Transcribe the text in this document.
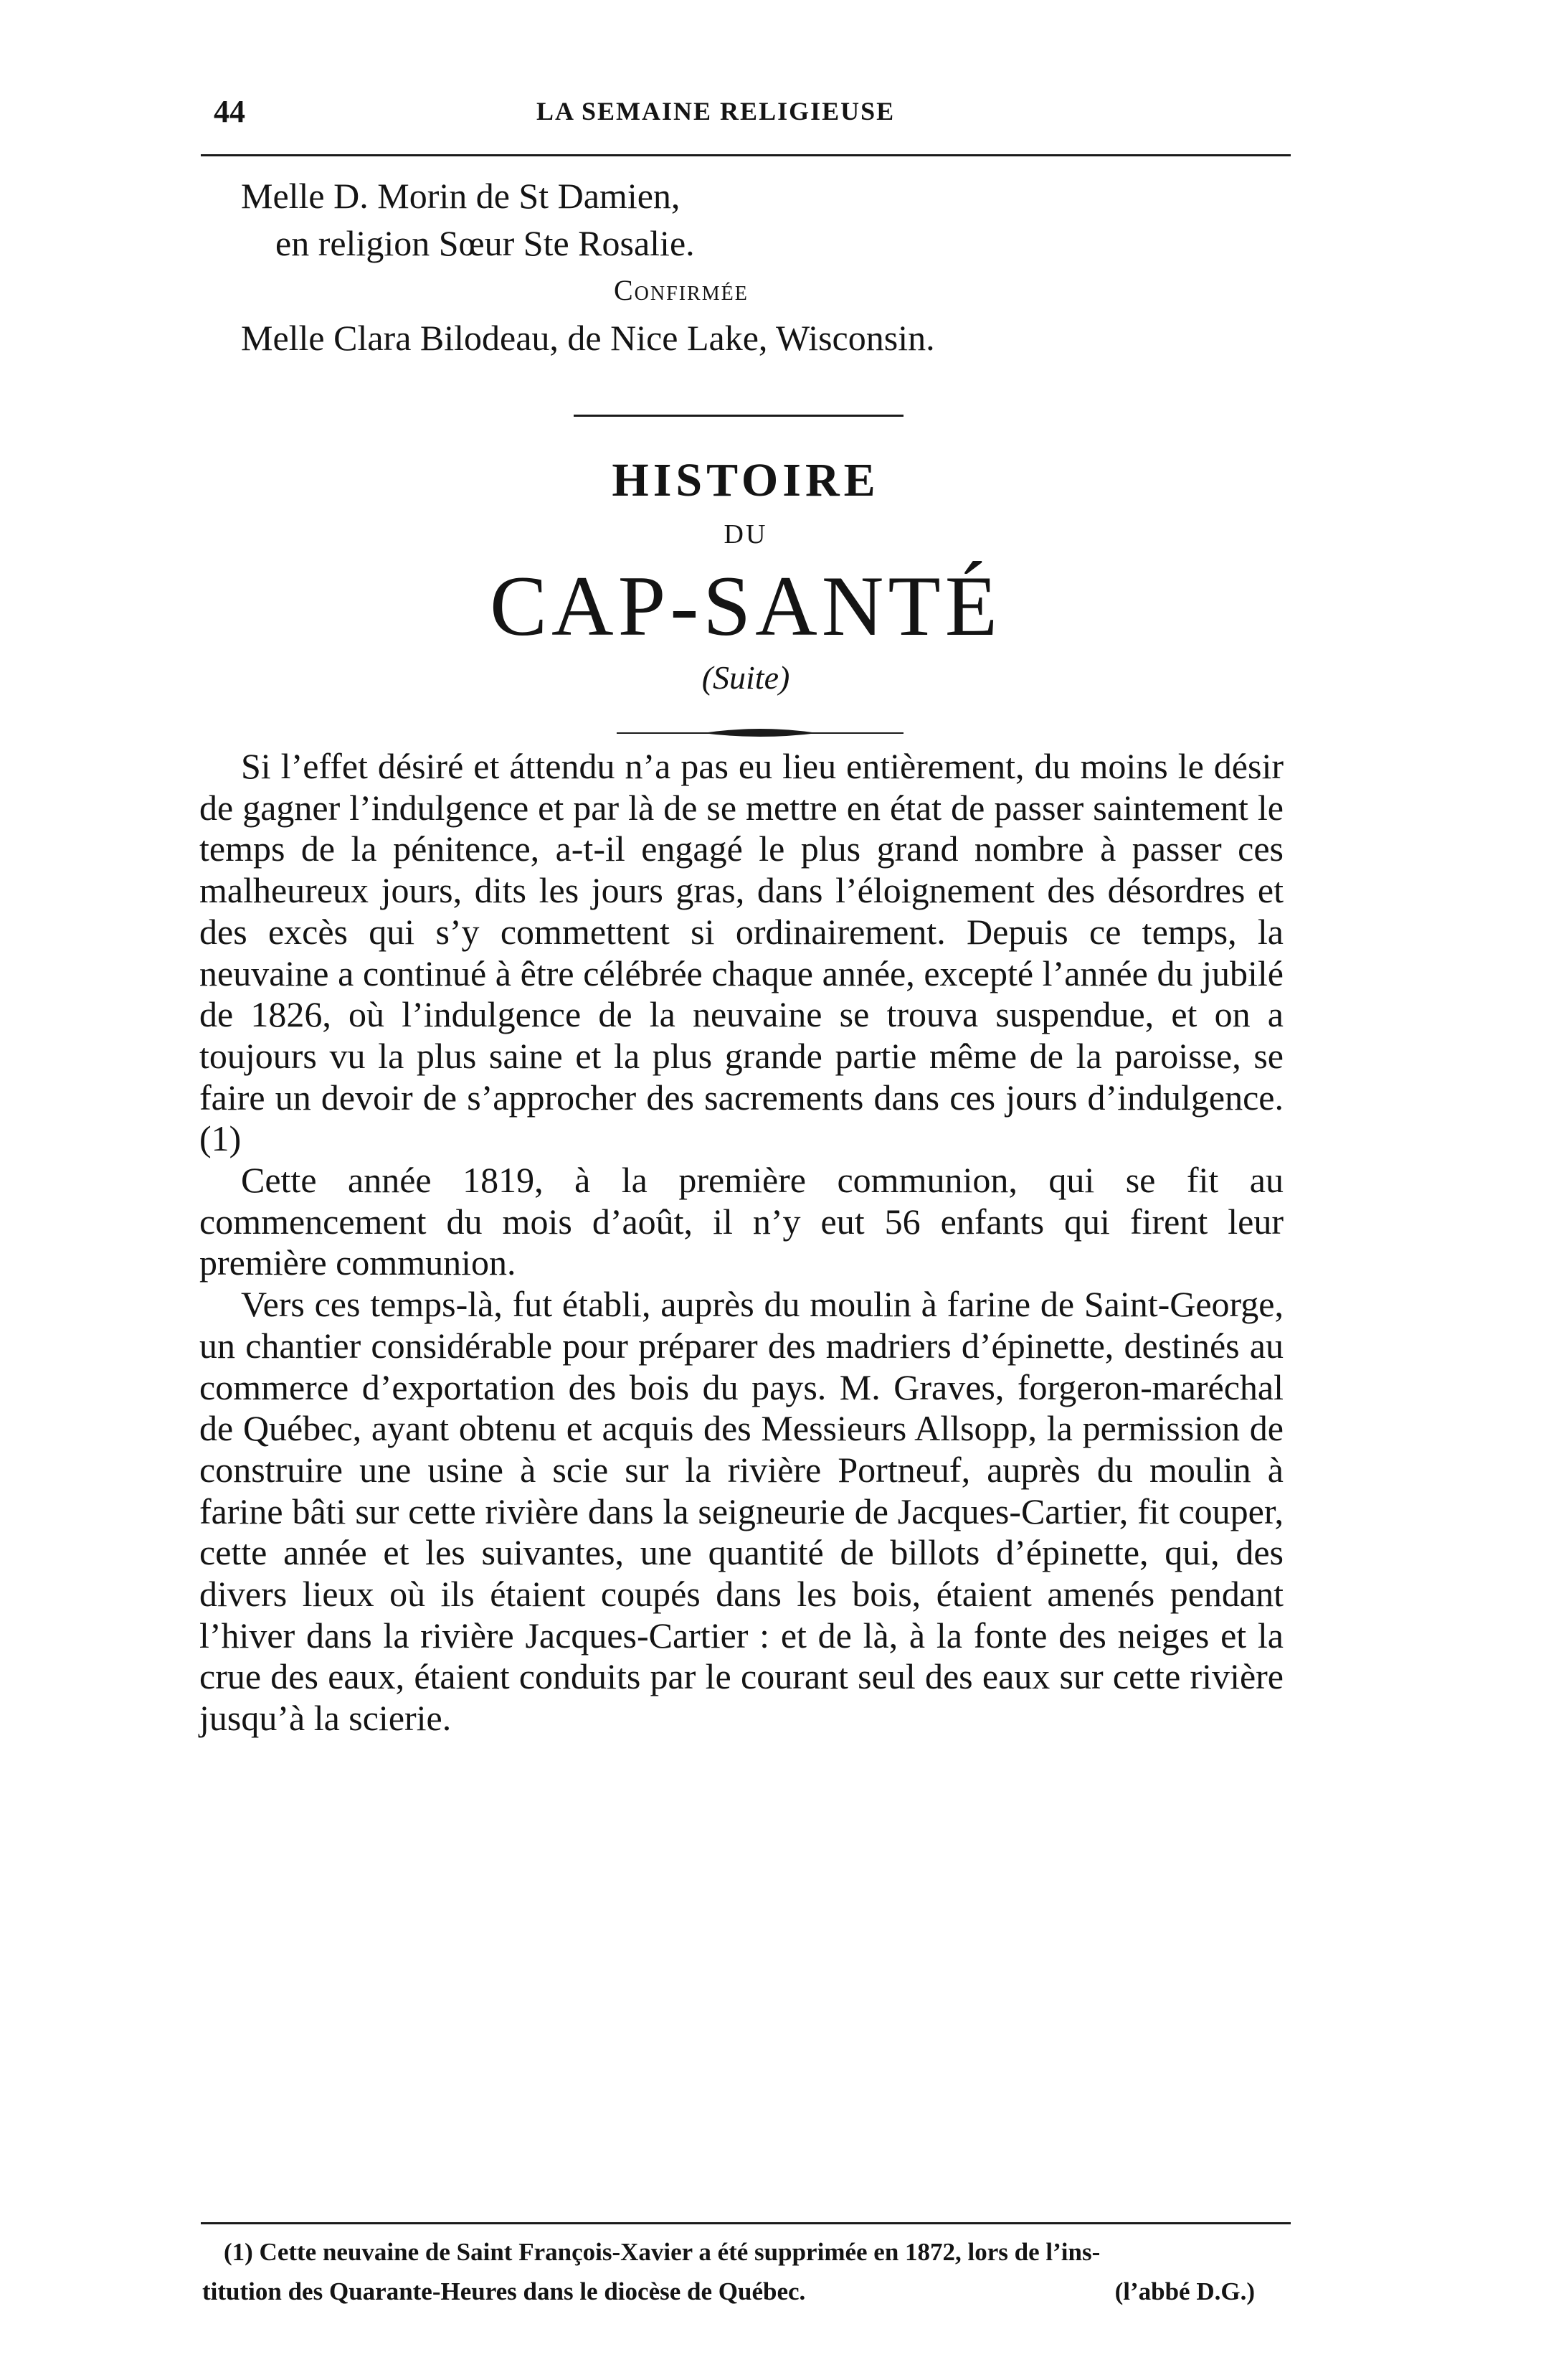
44	LA SEMAINE RELIGIEUSE
Melle D. Morin de St Damien,
en religion Sœur Ste Rosalie.
Confirmée
Melle Clara Bilodeau, de Nice Lake, Wisconsin.
HISTOIRE
DU
CAP-SANTÉ
(Suite)

Si l’effet désiré et áttendu n’a pas eu lieu entièrement, du moins le désir de gagner l’indulgence et par là de se mettre en état de passer saintement le temps de la pénitence, a-t-il engagé le plus grand nombre à passer ces malheureux jours, dits les jours gras, dans l’éloignement des désordres et des excès qui s’y commettent si ordinairement. Depuis ce temps, la neuvaine a continué à être célébrée chaque année, excepté l’année du jubilé de 1826, où l’indulgence de la neuvaine se trouva suspendue, et on a toujours vu la plus saine et la plus grande partie même de la paroisse, se faire un devoir de s’approcher des sacrements dans ces jours d’indulgence. (1)

Cette année 1819, à la première communion, qui se fit au commencement du mois d’août, il n’y eut 56 enfants qui firent leur première communion.

Vers ces temps-là, fut établi, auprès du moulin à farine de Saint-George, un chantier considérable pour préparer des madriers d’épinette, destinés au commerce d’exportation des bois du pays. M. Graves, forgeron-maréchal de Québec, ayant obtenu et acquis des Messieurs Allsopp, la permission de construire une usine à scie sur la rivière Portneuf, auprès du moulin à farine bâti sur cette rivière dans la seigneurie de Jacques-Cartier, fit couper, cette année et les suivantes, une quantité de billots d’épinette, qui, des divers lieux où ils étaient coupés dans les bois, étaient amenés pendant l’hiver dans la rivière Jacques-Cartier : et de là, à la fonte des neiges et la crue des eaux, étaient conduits par le courant seul des eaux sur cette rivière jusqu’à la scierie.

(1) Cette neuvaine de Saint François-Xavier a été supprimée en 1872, lors de l’ins-
titution des Quarante-Heures dans le diocèse de Québec.	(l’abbé D.G.)
